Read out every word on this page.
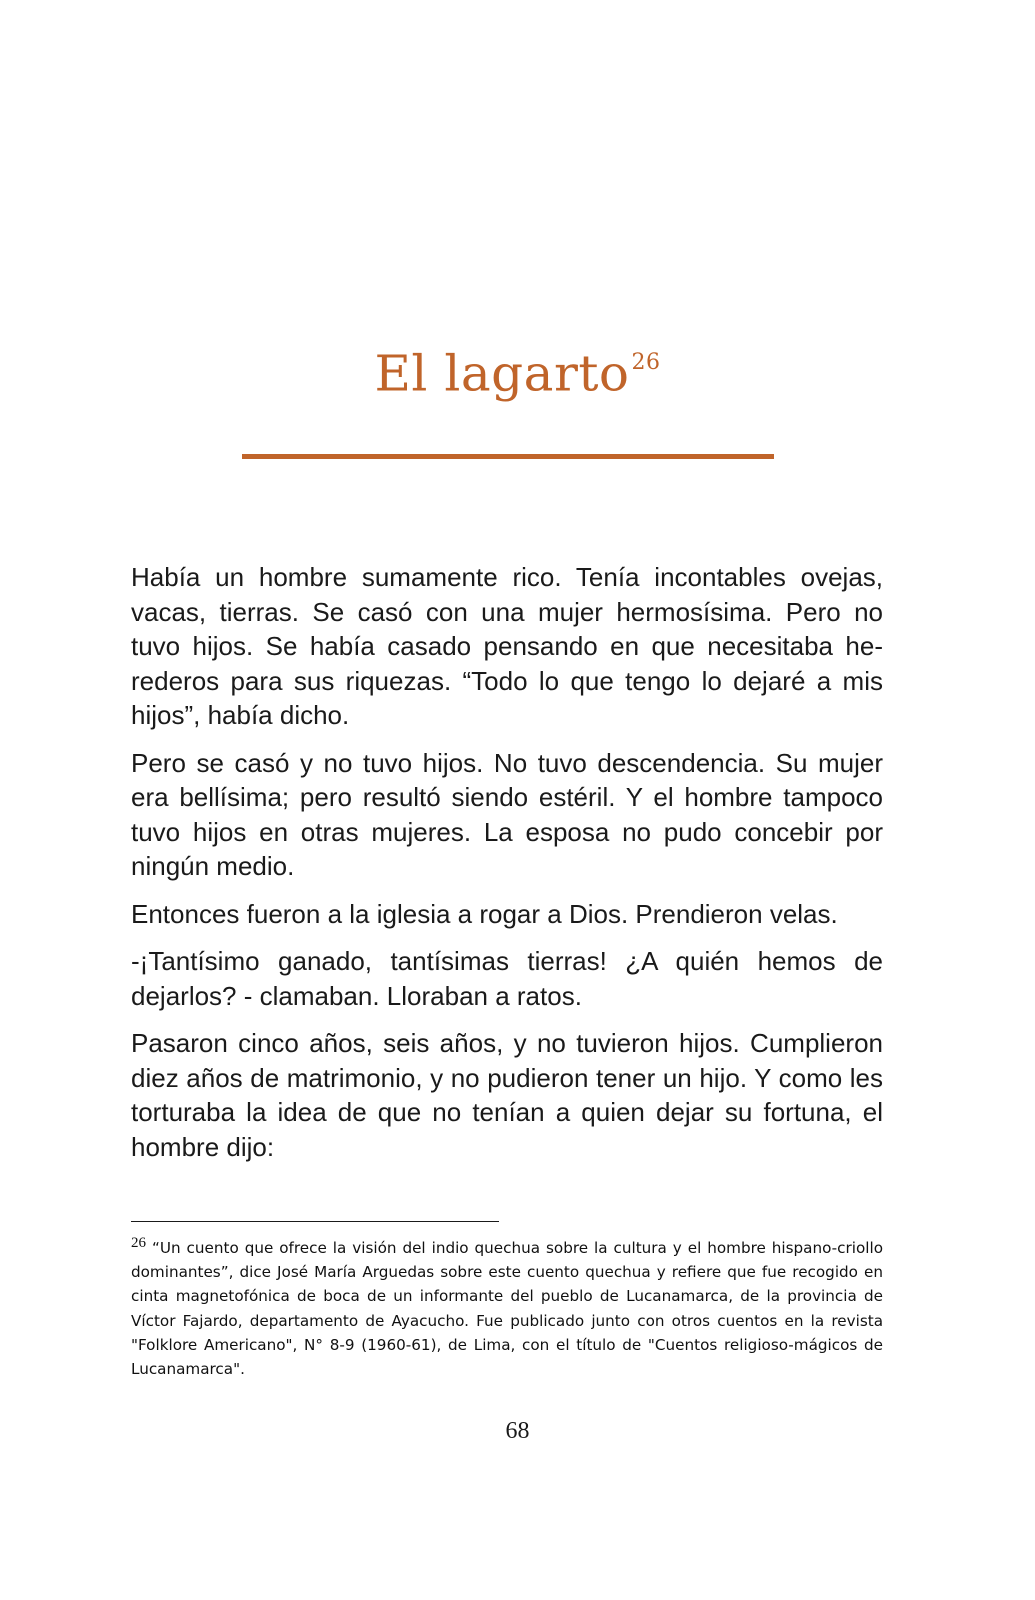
El lagarto$^{26}$

Había un hombre sumamente rico. Tenía incontables ovejas, vacas, tierras. Se casó con una mujer hermosísima. Pero no tuvo hijos. Se había casado pensando en que necesitaba herederos para sus riquezas. “Todo lo que tengo lo dejaré a mis hijos”, había dicho.

Pero se casó y no tuvo hijos. No tuvo descendencia. Su mujer era bellísima; pero resultó siendo estéril. Y el hombre tampoco tuvo hijos en otras mujeres. La esposa no pudo concebir por ningún medio.

Entonces fueron a la iglesia a rogar a Dios. Prendieron velas.

-¡Tantísimo ganado, tantísimas tierras! ¿A quién hemos de dejarlos? - clamaban. Lloraban a ratos.

Pasaron cinco años, seis años, y no tuvieron hijos. Cumplieron diez años de matrimonio, y no pudieron tener un hijo. Y como les torturaba la idea de que no tenían a quien dejar su fortuna, el hombre dijo:

26 “Un cuento que ofrece la visión del indio quechua sobre la cultura y el hombre hispano-criollo dominantes”, dice José María Arguedas sobre este cuento quechua y refiere que fue recogido en cinta magnetofónica de boca de un informante del pueblo de Lucanamarca, de la provincia de Víctor Fajardo, departamento de Ayacucho. Fue publicado junto con otros cuentos en la revista "Folklore Americano", N° 8-9 (1960-61), de Lima, con el título de "Cuentos religioso-mágicos de Lucanamarca".
68
